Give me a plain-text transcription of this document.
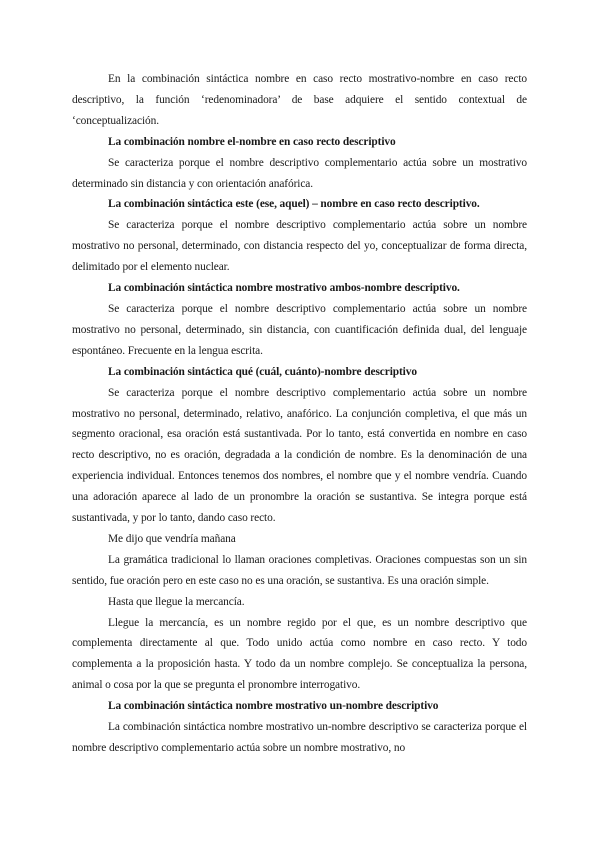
En la combinación sintáctica nombre en caso recto mostrativo-nombre en caso recto descriptivo, la función ‘redenominadora’ de base adquiere el sentido contextual de ‘conceptualización.

La combinación nombre el-nombre en caso recto descriptivo

Se caracteriza porque el nombre descriptivo complementario actúa sobre un mostrativo determinado sin distancia y con orientación anafórica.

La combinación sintáctica este (ese, aquel) – nombre en caso recto descriptivo.

Se caracteriza porque el nombre descriptivo complementario actúa sobre un nombre mostrativo no personal, determinado, con distancia respecto del yo, conceptualizar de forma directa, delimitado por el elemento nuclear.

La combinación sintáctica nombre mostrativo ambos-nombre descriptivo.

Se caracteriza porque el nombre descriptivo complementario actúa sobre un nombre mostrativo no personal, determinado, sin distancia, con cuantificación definida dual, del lenguaje espontáneo. Frecuente en la lengua escrita.

La combinación sintáctica qué (cuál, cuánto)-nombre descriptivo

Se caracteriza porque el nombre descriptivo complementario actúa sobre un nombre mostrativo no personal, determinado, relativo, anafórico. La conjunción completiva, el que más un segmento oracional, esa oración está sustantivada. Por lo tanto, está convertida en nombre en caso recto descriptivo, no es oración, degradada a la condición de nombre. Es la denominación de una experiencia individual. Entonces tenemos dos nombres, el nombre que y el nombre vendría. Cuando una adoración aparece al lado de un pronombre la oración se sustantiva. Se integra porque está sustantivada, y por lo tanto, dando caso recto.

Me dijo que vendría mañana

La gramática tradicional lo llaman oraciones completivas. Oraciones compuestas son un sin sentido, fue oración pero en este caso no es una oración, se sustantiva. Es una oración simple.

Hasta que llegue la mercancía.

Llegue la mercancía, es un nombre regido por el que, es un nombre descriptivo que complementa directamente al que. Todo unido actúa como nombre en caso recto. Y todo complementa a la proposición hasta. Y todo da un nombre complejo. Se conceptualiza la persona, animal o cosa por la que se pregunta el pronombre interrogativo.

La combinación sintáctica nombre mostrativo un-nombre descriptivo

La combinación sintáctica nombre mostrativo un-nombre descriptivo se caracteriza porque el nombre descriptivo complementario actúa sobre un nombre mostrativo, no
